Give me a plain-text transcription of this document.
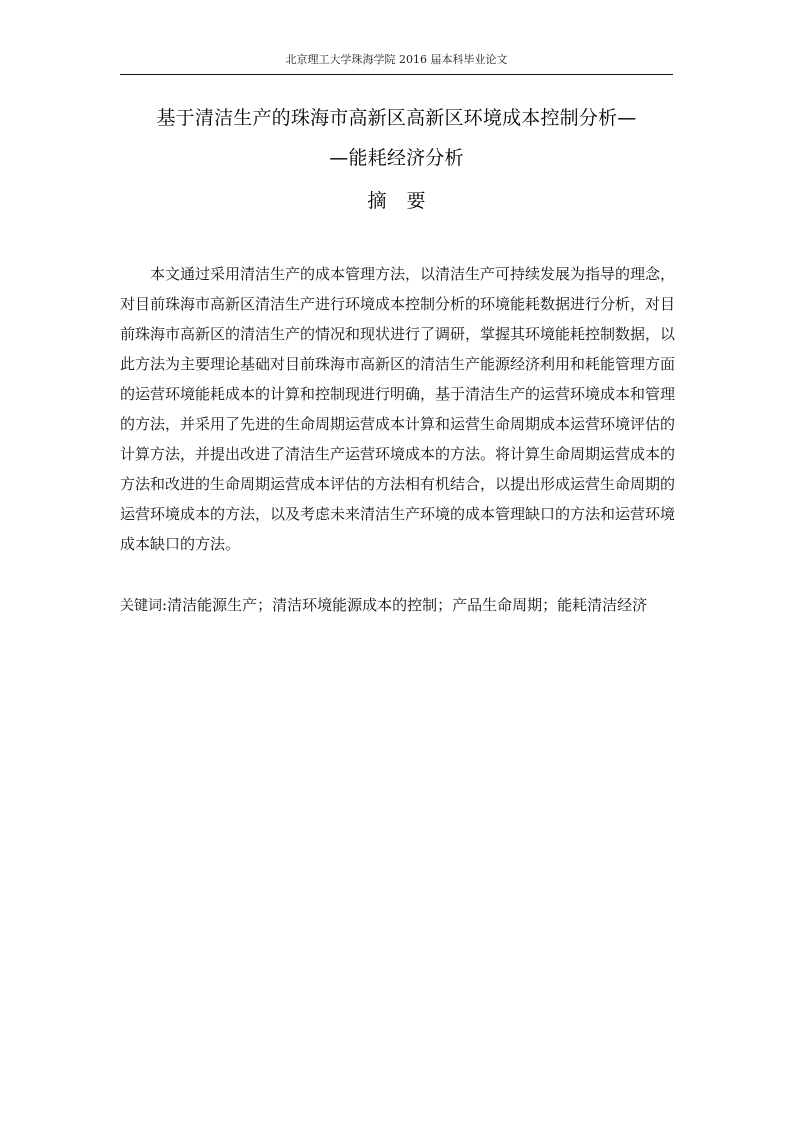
北京理工大学珠海学院 2016 届本科毕业论文
基于清洁生产的珠海市高新区高新区环境成本控制分析—
—能耗经济分析
摘要

本文通过采用清洁生产的成本管理方法，以清洁生产可持续发展为指导的理念，对目前珠海市高新区清洁生产进行环境成本控制分析的环境能耗数据进行分析，对目前珠海市高新区的清洁生产的情况和现状进行了调研，掌握其环境能耗控制数据，以此方法为主要理论基础对目前珠海市高新区的清洁生产能源经济利用和耗能管理方面的运营环境能耗成本的计算和控制现进行明确，基于清洁生产的运营环境成本和管理的方法，并采用了先进的生命周期运营成本计算和运营生命周期成本运营环境评估的计算方法，并提出改进了清洁生产运营环境成本的方法。将计算生命周期运营成本的方法和改进的生命周期运营成本评估的方法相有机结合，以提出形成运营生命周期的运营环境成本的方法，以及考虑未来清洁生产环境的成本管理缺口的方法和运营环境成本缺口的方法。

关键词:清洁能源生产；清洁环境能源成本的控制；产品生命周期；能耗清洁经济
